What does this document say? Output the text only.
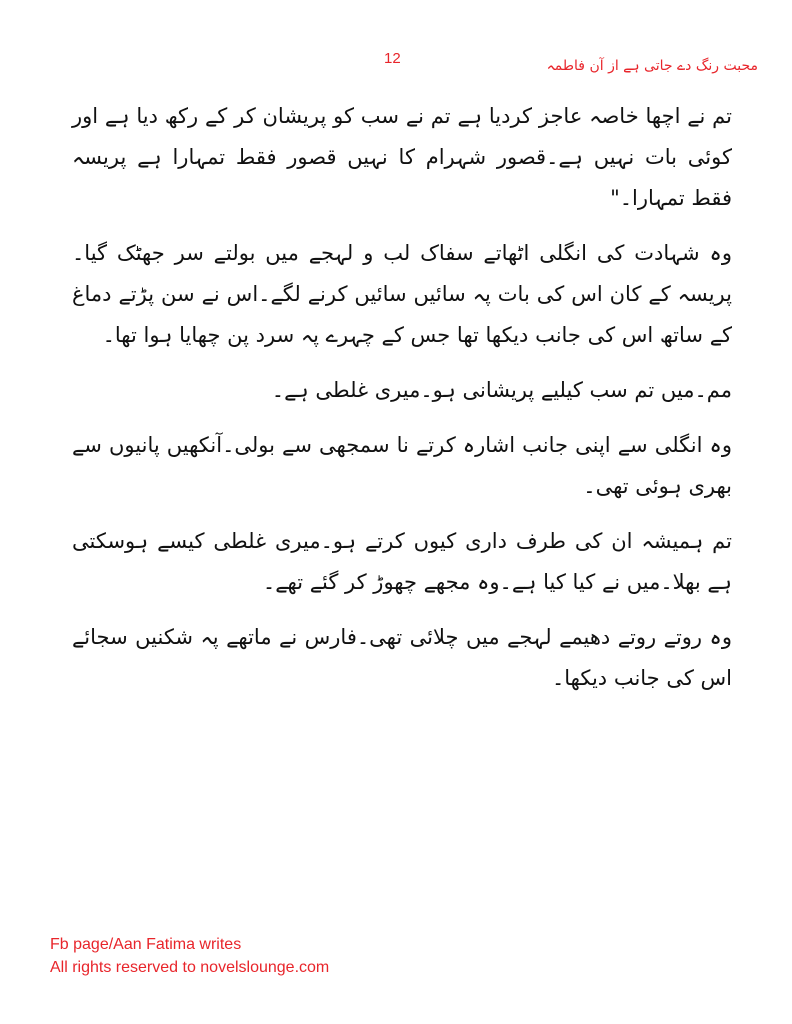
محبت رنگ دے جاتی ہے از آن فاطمہ
12

تم نے اچھا خاصہ عاجز کردیا ہے تم نے سب کو پریشان کر کے رکھ دیا ہے اور کوئی بات نہیں ہے۔قصور شہرام کا نہیں قصور فقط تمہارا ہے پریسہ فقط تمہارا۔"

وہ شہادت کی انگلی اٹھاتے سفاک لب و لہجے میں بولتے سر جھٹک گیا۔پریسہ کے کان اس کی بات پہ سائیں سائیں کرنے لگے۔اس نے سن پڑتے دماغ کے ساتھ اس کی جانب دیکھا تھا جس کے چہرے پہ سرد پن چھایا ہوا تھا۔

مم۔میں تم سب کیلیے پریشانی ہو۔میری غلطی ہے۔

وہ انگلی سے اپنی جانب اشارہ کرتے نا سمجھی سے بولی۔آنکھیں پانیوں سے بھری ہوئی تھی۔

تم ہمیشہ ان کی طرف داری کیوں کرتے ہو۔میری غلطی کیسے ہوسکتی ہے بھلا۔میں نے کیا کیا ہے۔وہ مجھے چھوڑ کر گئے تھے۔

وہ روتے روتے دھیمے لہجے میں چلائی تھی۔فارس نے ماتھے پہ شکنیں سجائے اس کی جانب دیکھا۔

Fb page/Aan Fatima writes
All rights reserved to novelslounge.com
